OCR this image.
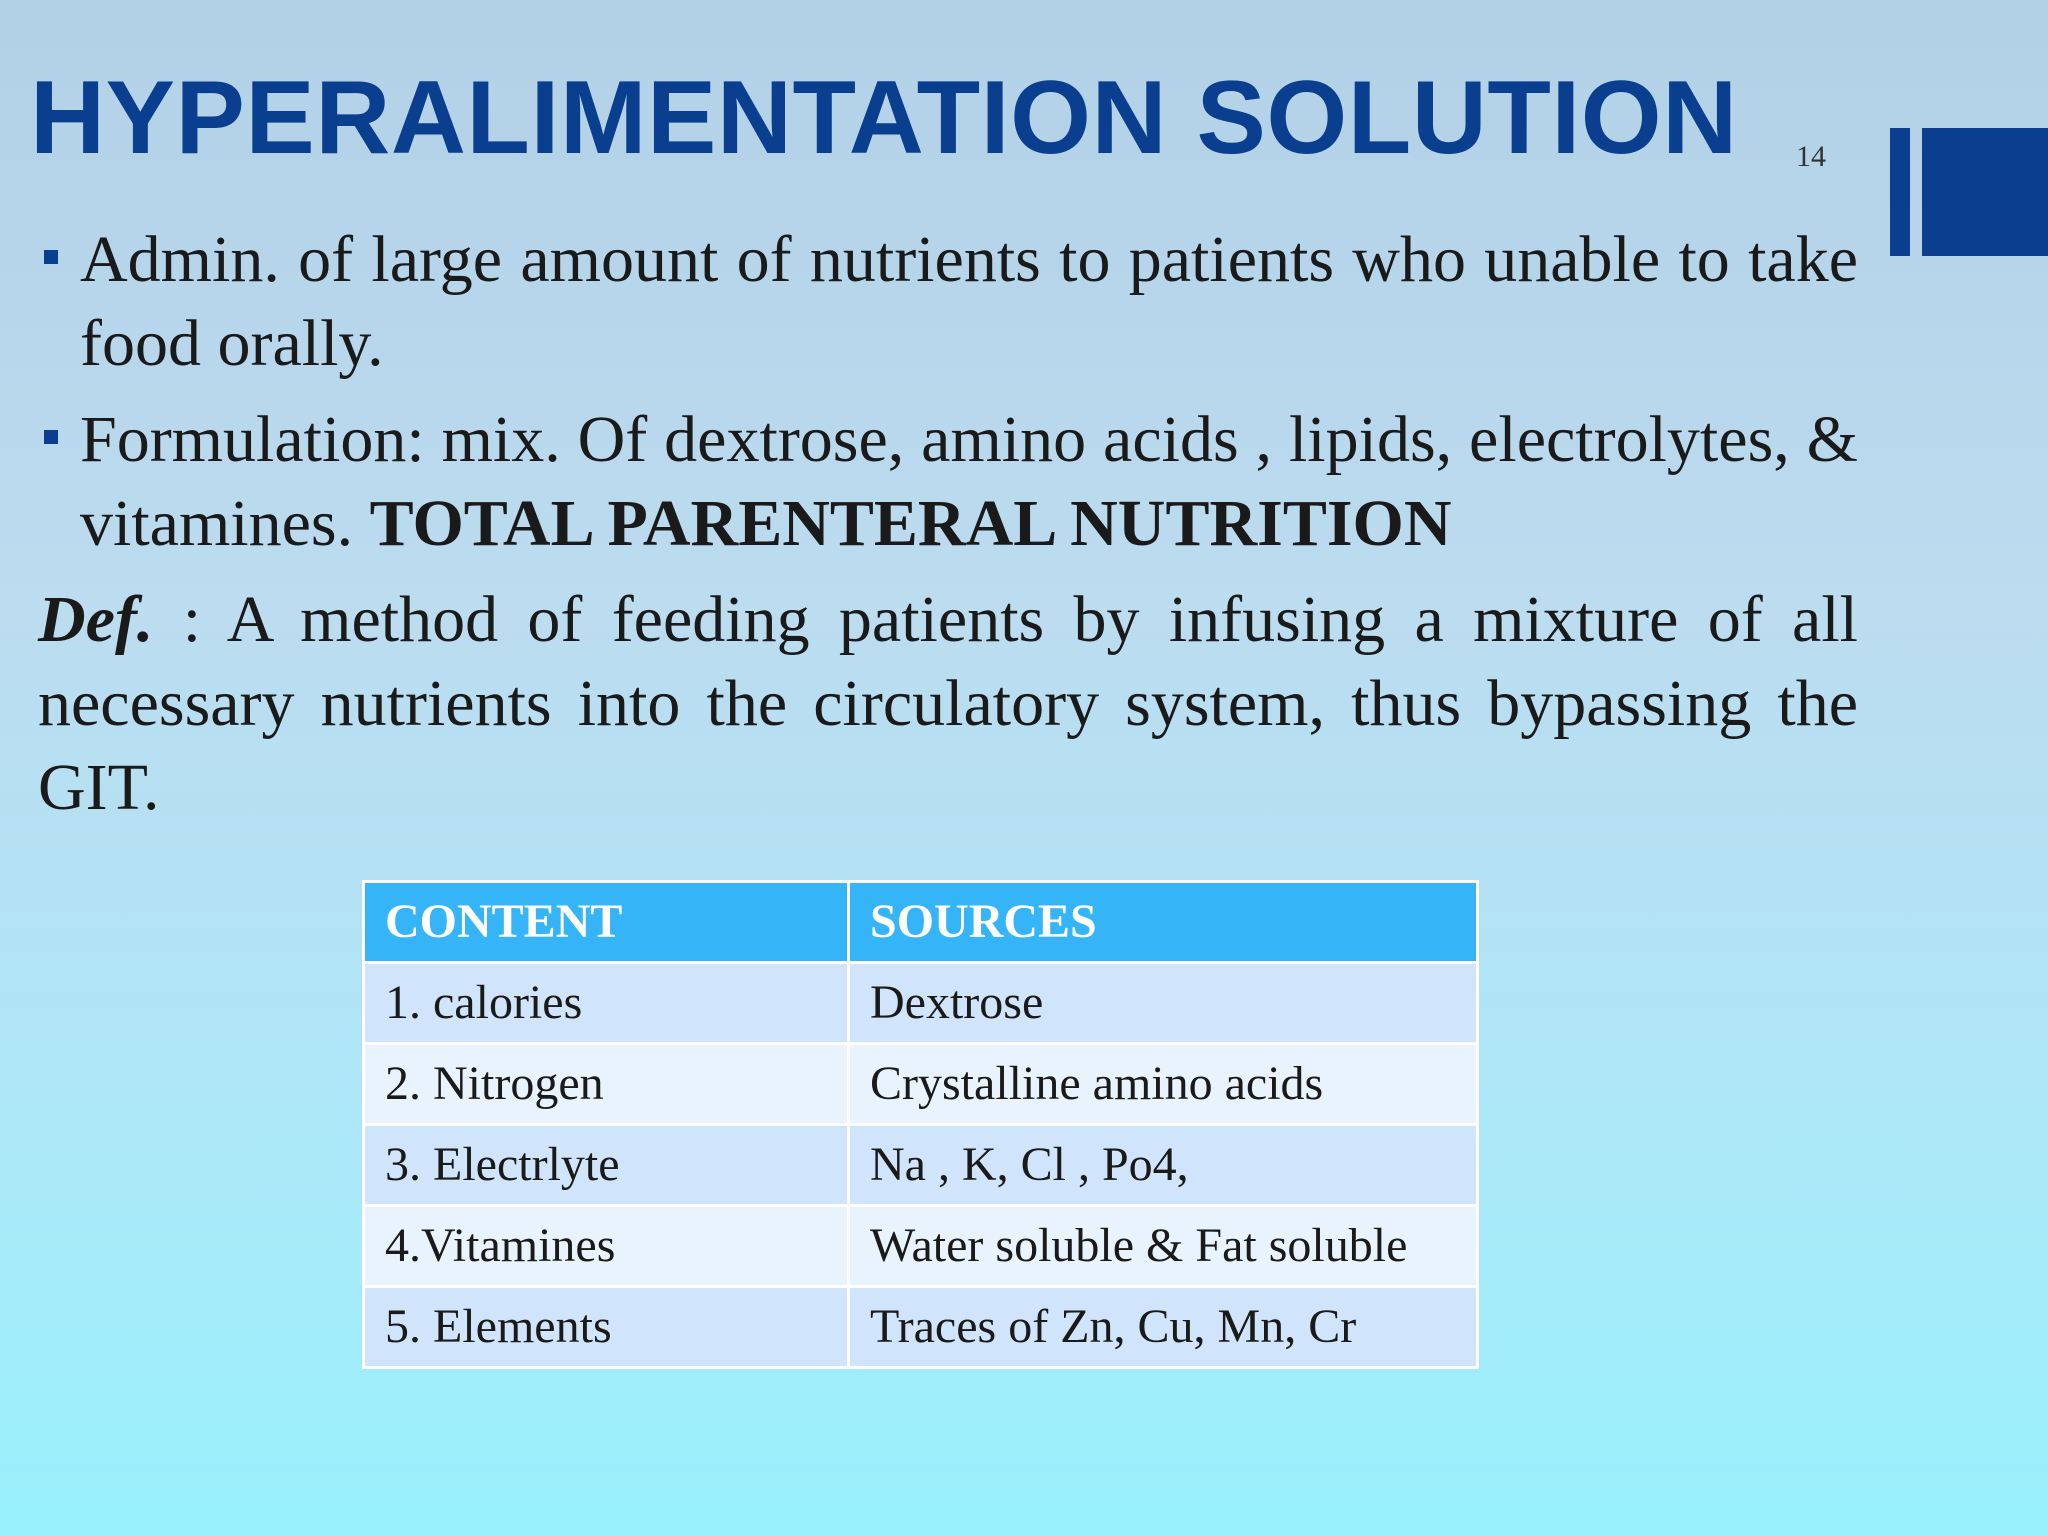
HYPERALIMENTATION SOLUTION 14
Admin. of large amount of nutrients to patients who unable to take food orally.
Formulation: mix. Of dextrose, amino acids , lipids, electrolytes, & vitamines. TOTAL PARENTERAL NUTRITION

Def. : A method of feeding patients by infusing a mixture of all necessary nutrients into the circulatory system, thus bypassing the GIT.

CONTENT	SOURCES
1. calories	Dextrose
2. Nitrogen	Crystalline amino acids
3. Electrlyte	Na , K, Cl , Po4,
4.Vitamines	Water soluble & Fat soluble
5. Elements	Traces of Zn, Cu, Mn, Cr
